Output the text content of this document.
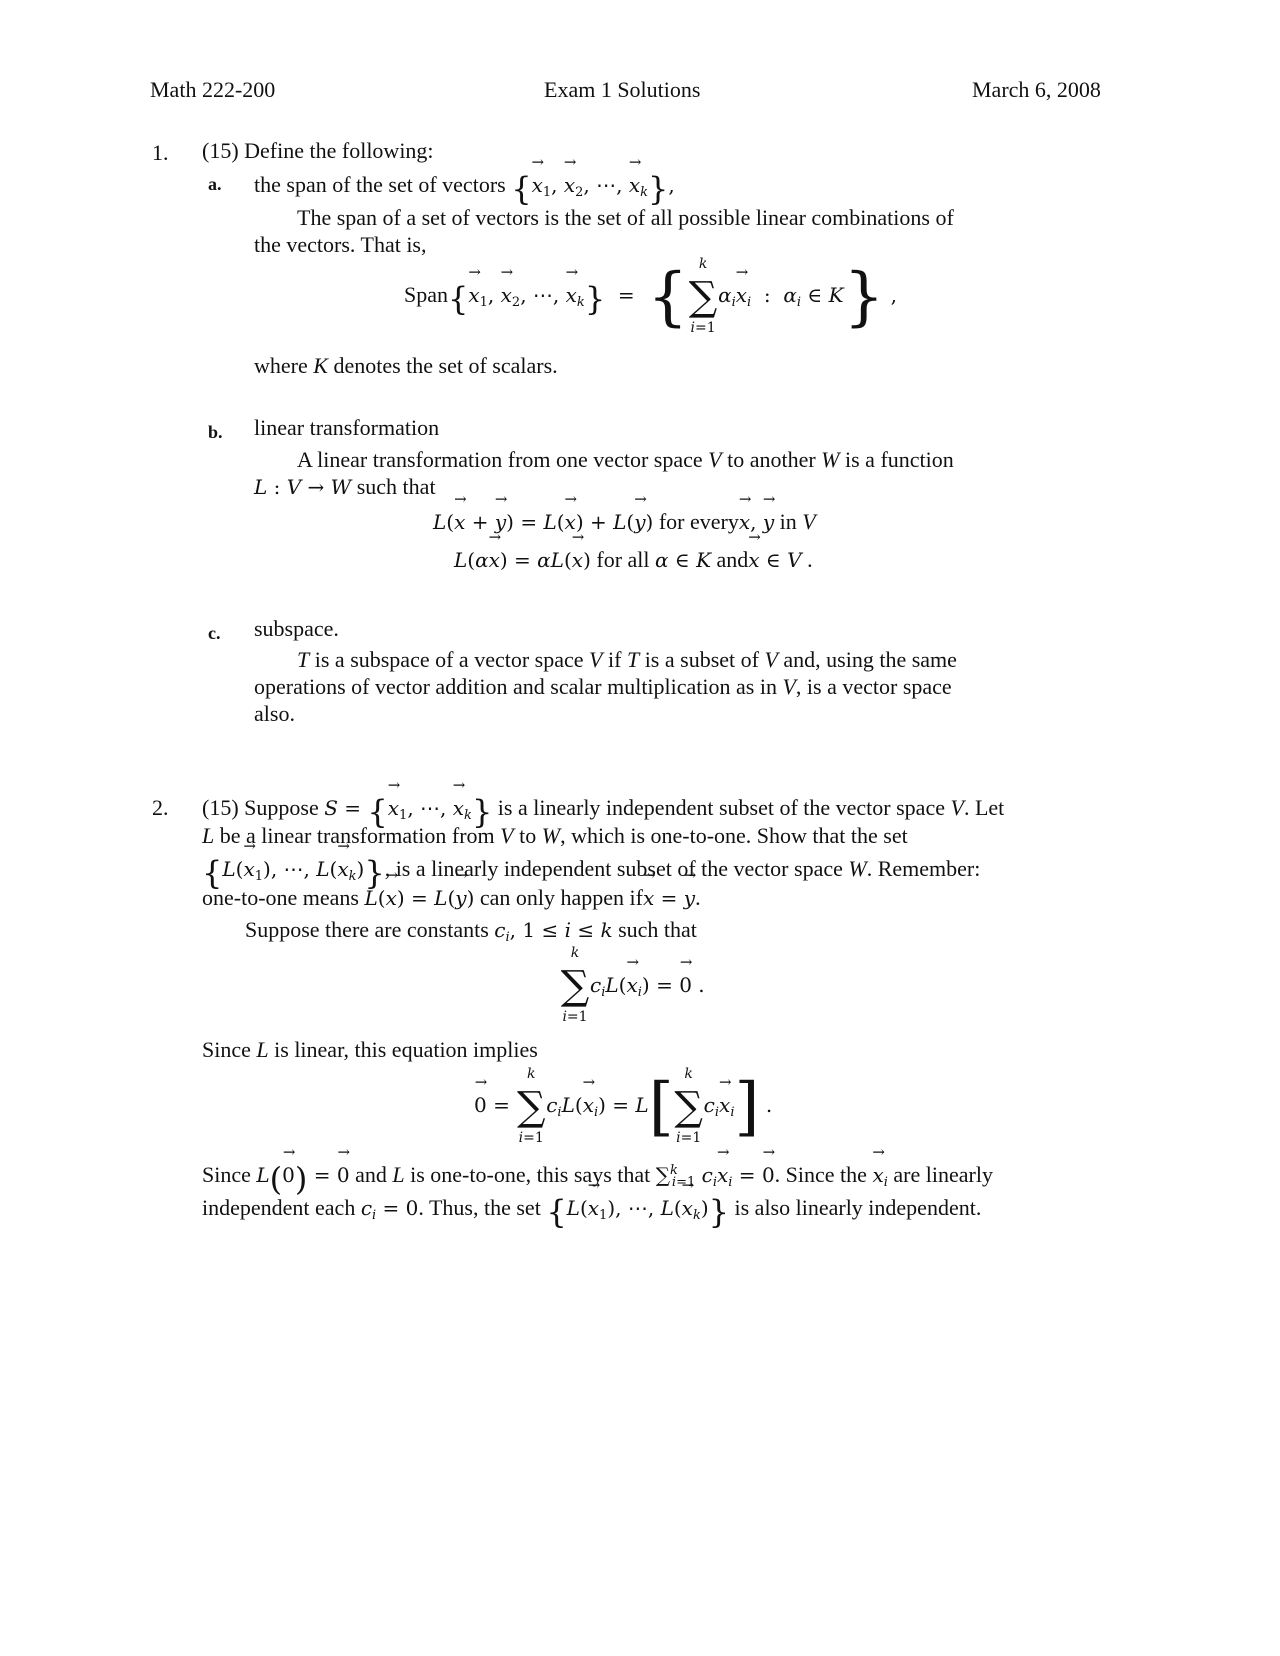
Math 222-200	Exam 1 Solutions	March 6, 2008
1. (15) Define the following:
a. the span of the set of vectors {→ $x_1$, → $x_2$, ⋯, → $x_k$},
The span of a set of vectors is the set of all possible linear combinations of
the vectors. That is,
Span{→ $x_1$, → $x_2$, ⋯, → $x_k$}  =  { k
∑
i=1
$\alpha_i\to x_i$  :  $\alpha_i$ ∈ K} ,
where K denotes the set of scalars.
b. linear transformation
A linear transformation from one vector space V to another W is a function
L : V → W such that
L(→ x + → y) = L(→ x) + L(→ y) for every→ x, → y in V
L(α→ x) = αL(→ x) for all α ∈ K and→ x ∈ V .
c. subspace.
T is a subspace of a vector space V if T is a subset of V and, using the same
operations of vector addition and scalar multiplication as in V, is a vector space
also.
2. (15) Suppose S = {→ $x_1$, ⋯, → $x_k$} is a linearly independent subset of the vector space V. Let
L be a linear transformation from V to W, which is one-to-one. Show that the set
{$L(\to x_1)$, ⋯, $L(\to x_k)$}, is a linearly independent subset of the vector space W. Remember:
one-to-one means L(→ x) = L(→ y) can only happen if→ x = → y.
Suppose there are constants $c_i$, 1 ≤ i ≤ k such that
k
∑
i=1
$c_iL(\to x_i)$ = → 0 .
Since L is linear, this equation implies
→ 0 =
k
∑
i=1
$c_iL(\to x_i) = L$[ k
∑
i=1
$c_i\to x_i$] .
Since L(→ 0) = → 0 and L is one-to-one, this says that ∑$^k_{i=1}$ $c_i\to x_i$ = → 0. Since the → $x_i$ are linearly
independent each $c_i = 0$. Thus, the set {$L(\to x_1)$, ⋯, $L(\to x_k)$} is also linearly independent.
